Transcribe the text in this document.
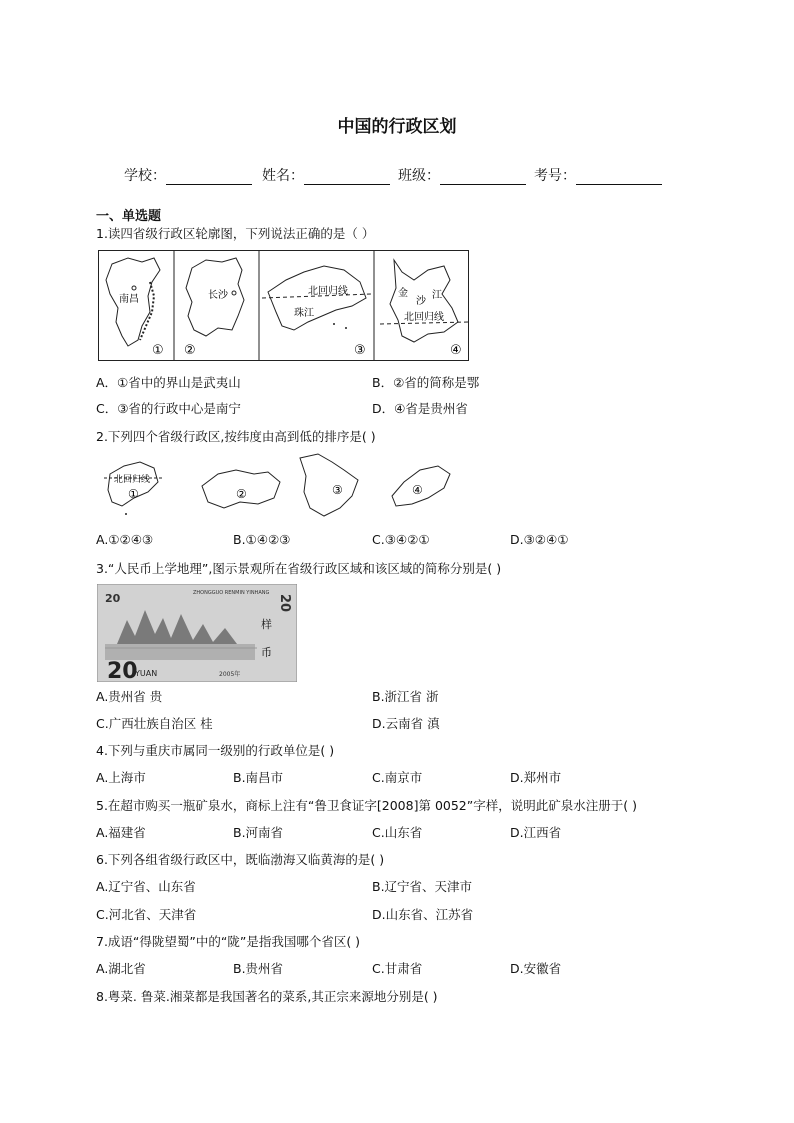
中国的行政区划
学校：	姓名：	班级：	考号：
一、单选题
1.读四省级行政区轮廓图，下列说法正确的是（ ）
南昌
①
长沙
②
北回归线
珠江
③
金
沙
江
北回归线
④
A．①省中的界山是武夷山	B．②省的简称是鄂
C．③省的行政中心是南宁	D．④省是贵州省
2.下列四个省级行政区,按纬度由高到低的排序是( )
北回归线
①	②	③	④
A.①②④③	B.①④②③	C.③④②①	D.③②④①
3.“人民币上学地理”,图示景观所在省级行政区域和该区域的简称分别是( )
20	ZHONGGUO RENMIN YINHANG
20
样
币
20
YUAN	2005年
A.贵州省 贵	B.浙江省 浙
C.广西壮族自治区 桂	D.云南省 滇
4.下列与重庆市属同一级别的行政单位是( )
A.上海市	B.南昌市	C.南京市	D.郑州市
5.在超市购买一瓶矿泉水，商标上注有“鲁卫食证字[2008]第 0052”字样，说明此矿泉水注册于( )
A.福建省	B.河南省	C.山东省	D.江西省
6.下列各组省级行政区中，既临渤海又临黄海的是( )
A.辽宁省、山东省	B.辽宁省、天津市
C.河北省、天津省	D.山东省、江苏省
7.成语“得陇望蜀”中的“陇”是指我国哪个省区( )
A.湖北省	B.贵州省	C.甘肃省	D.安徽省
8.粤菜. 鲁菜.湘菜都是我国著名的菜系,其正宗来源地分别是( )
